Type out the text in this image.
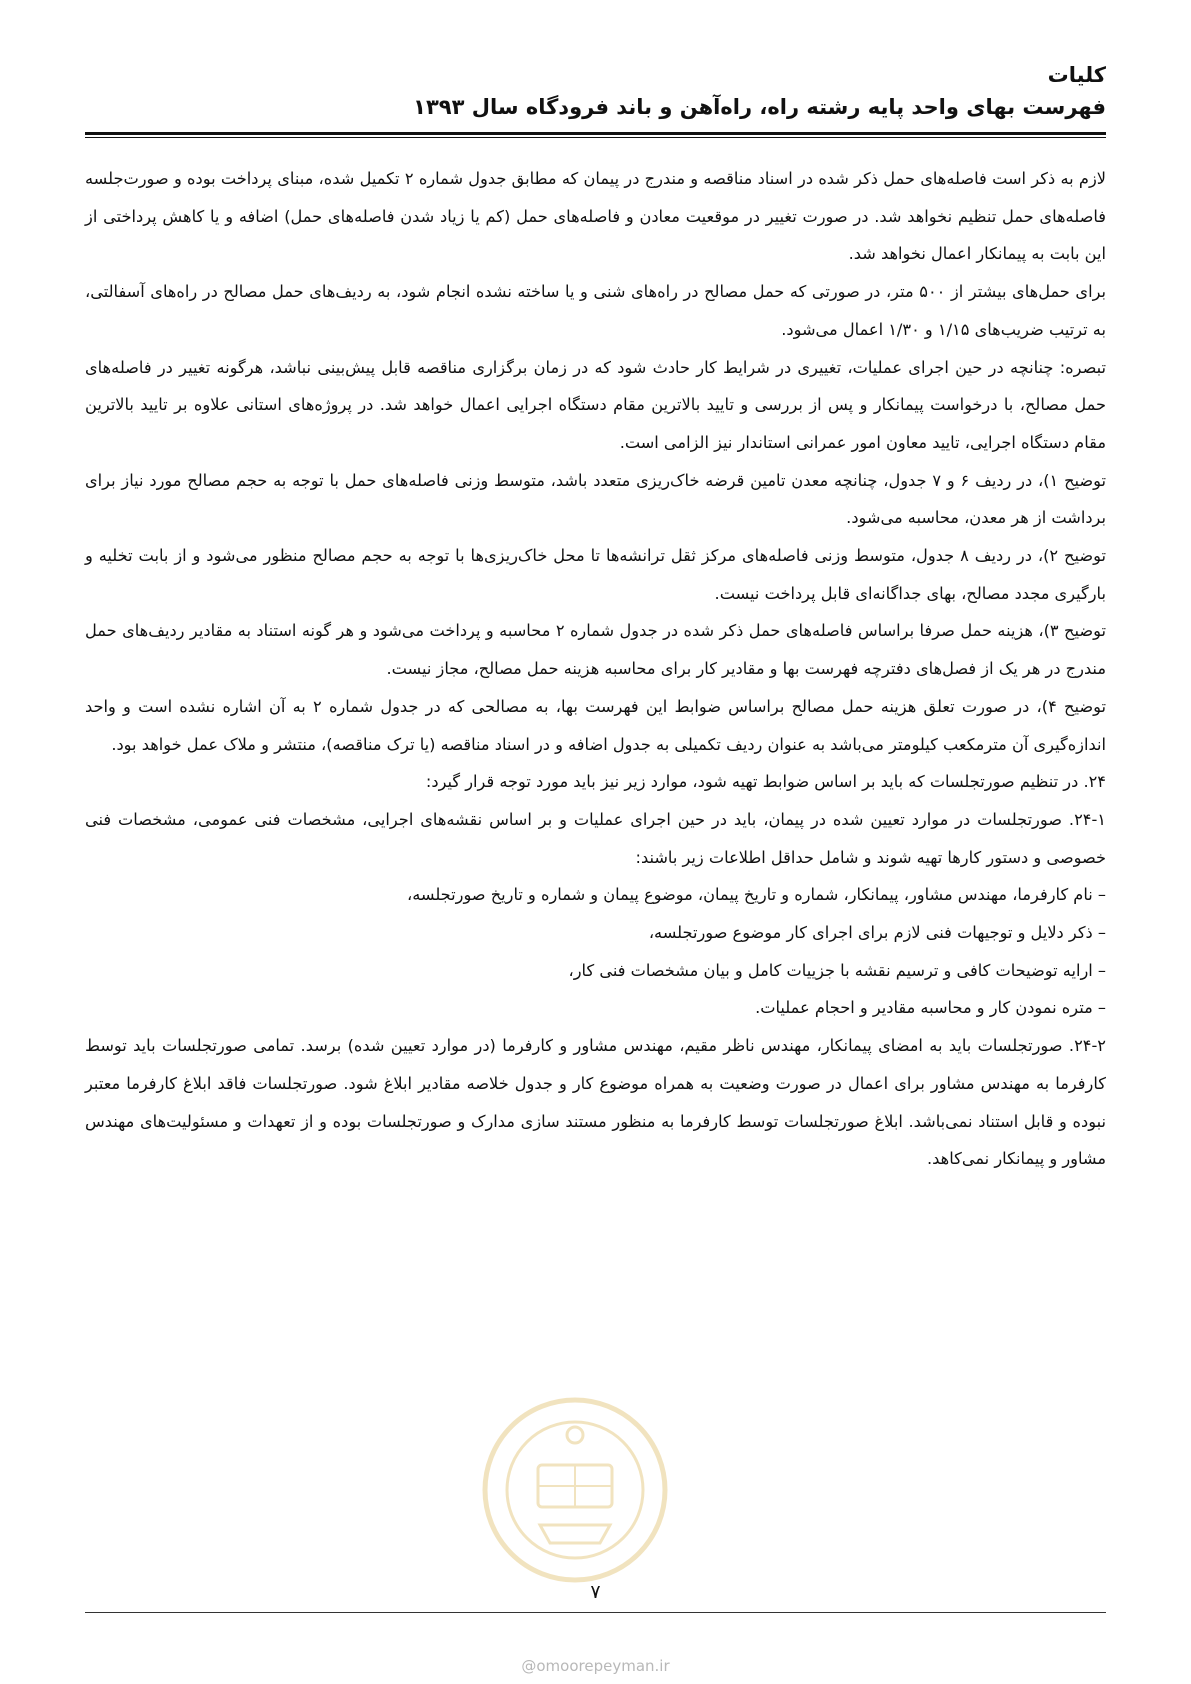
کلیات

فهرست بهای واحد پایه رشته راه، راه‌آهن و باند فرودگاه سال ۱۳۹۳

لازم به ذکر است فاصله‌های حمل ذکر شده در اسناد مناقصه و مندرج در پیمان که مطابق جدول شماره ۲ تکمیل شده، مبنای پرداخت بوده و صورت‌جلسه فاصله‌های حمل تنظیم نخواهد شد. در صورت تغییر در موقعیت معادن و فاصله‌های حمل (کم یا زیاد شدن فاصله‌های حمل) اضافه و یا کاهش پرداختی از این بابت به پیمانکار اعمال نخواهد شد.

برای حمل‌های بیشتر از ۵۰۰ متر، در صورتی که حمل مصالح در راه‌های شنی و یا ساخته نشده انجام شود، به ردیف‌های حمل مصالح در راه‌های آسفالتی، به ترتیب ضریب‌های ۱/۱۵ و ۱/۳۰ اعمال می‌شود.

تبصره: چنانچه در حین اجرای عملیات، تغییری در شرایط کار حادث شود که در زمان برگزاری مناقصه قابل پیش‌بینی نباشد، هرگونه تغییر در فاصله‌های حمل مصالح، با درخواست پیمانکار و پس از بررسی و تایید بالاترین مقام دستگاه اجرایی اعمال خواهد شد. در پروژه‌های استانی علاوه بر تایید بالاترین مقام دستگاه اجرایی، تایید معاون امور عمرانی استاندار نیز الزامی است.

توضیح ۱)، در ردیف ۶ و ۷ جدول، چنانچه معدن تامین قرضه خاک‌ریزی متعدد باشد، متوسط وزنی فاصله‌های حمل با توجه به حجم مصالح مورد نیاز برای برداشت از هر معدن، محاسبه می‌شود.

توضیح ۲)، در ردیف ۸ جدول، متوسط وزنی فاصله‌های مرکز ثقل ترانشه‌ها تا محل خاک‌ریزی‌ها با توجه به حجم مصالح منظور می‌شود و از بابت تخلیه و بارگیری مجدد مصالح، بهای جداگانه‌ای قابل پرداخت نیست.

توضیح ۳)، هزینه حمل صرفا براساس فاصله‌های حمل ذکر شده در جدول شماره ۲ محاسبه و پرداخت می‌شود و هر گونه استناد به مقادیر ردیف‌های حمل مندرج در هر یک از فصل‌های دفترچه فهرست بها و مقادیر کار برای محاسبه هزینه حمل مصالح، مجاز نیست.

توضیح ۴)، در صورت تعلق هزینه حمل مصالح براساس ضوابط این فهرست بها، به مصالحی که در جدول شماره ۲ به آن اشاره نشده است و واحد اندازه‌گیری آن مترمکعب کیلومتر می‌باشد به عنوان ردیف تکمیلی به جدول اضافه و در اسناد مناقصه (یا ترک مناقصه)، منتشر و ملاک عمل خواهد بود.

۲۴. در تنظیم صورتجلسات که باید بر اساس ضوابط تهیه شود، موارد زیر نیز باید مورد توجه قرار گیرد:

۲۴-۱. صورتجلسات در موارد تعیین شده در پیمان، باید در حین اجرای عملیات و بر اساس نقشه‌های اجرایی، مشخصات فنی عمومی، مشخصات فنی خصوصی و دستور کارها تهیه شوند و شامل حداقل اطلاعات زیر باشند:

– نام کارفرما، مهندس مشاور، پیمانکار، شماره و تاریخ پیمان، موضوع پیمان و شماره و تاریخ صورتجلسه،

– ذکر دلایل و توجیهات فنی لازم برای اجرای کار موضوع صورتجلسه،

– ارایه توضیحات کافی و ترسیم نقشه با جزییات کامل و بیان مشخصات فنی کار،

– متره نمودن کار و محاسبه مقادیر و احجام عملیات.

۲۴-۲. صورتجلسات باید به امضای پیمانکار، مهندس ناظر مقیم، مهندس مشاور و کارفرما (در موارد تعیین شده) برسد. تمامی صورتجلسات باید توسط کارفرما به مهندس مشاور برای اعمال در صورت وضعیت به همراه موضوع کار و جدول خلاصه مقادیر ابلاغ شود. صورتجلسات فاقد ابلاغ کارفرما معتبر نبوده و قابل استناد نمی‌باشد. ابلاغ صورتجلسات توسط کارفرما به منظور مستند سازی مدارک و صورتجلسات بوده و از تعهدات و مسئولیت‌های مهندس مشاور و پیمانکار نمی‌کاهد.

۷
@omoorepeyman.ir
